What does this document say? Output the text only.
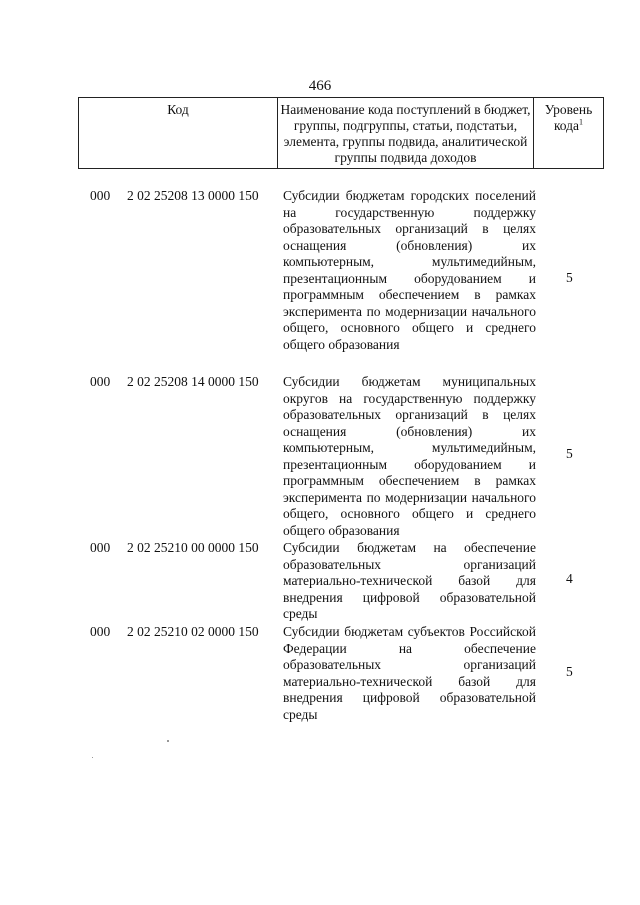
466
Код	Наименование кода поступлений в бюджет, группы, подгруппы, статьи, подстатьи, элемента, группы подвида, аналитической группы подвида доходов
Уровень кода$^1$
000 2 02 25208 13 0000 150 Субсидии бюджетам городских поселений на государственную поддержку образовательных организаций в целях оснащения (обновления) их компьютерным, мультимедийным, презентационным оборудованием и программным обеспечением в рамках эксперимента по модернизации начального общего, основного общего и среднего общего образования
5
000 2 02 25208 14 0000 150 Субсидии бюджетам муниципальных округов на государственную поддержку образовательных организаций в целях оснащения (обновления) их компьютерным, мультимедийным, презентационным оборудованием и программным обеспечением в рамках эксперимента по модернизации начального общего, основного общего и среднего общего образования
5
000 2 02 25210 00 0000 150 Субсидии бюджетам на обеспечение образовательных организаций материально-технической базой для внедрения цифровой образовательной среды
4
000 2 02 25210 02 0000 150 Субсидии бюджетам субъектов Российской Федерации на обеспечение образовательных организаций материально-технической базой для внедрения цифровой образовательной среды
5
